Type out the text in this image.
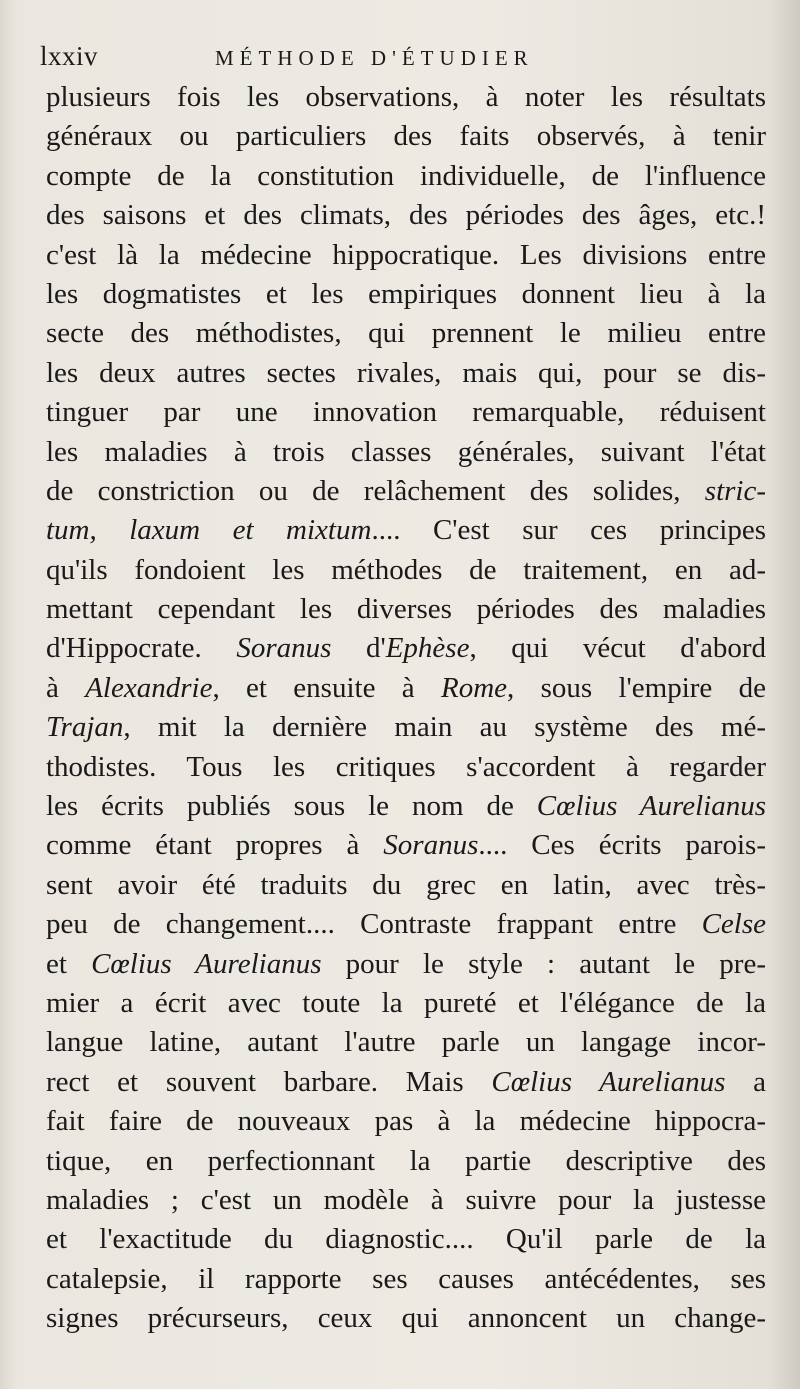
lxxiv	MÉTHODE D'ÉTUDIER
plusieurs fois les observations, à noter les résultats
généraux ou particuliers des faits observés, à tenir
compte de la constitution individuelle, de l'influence
des saisons et des climats, des périodes des âges, etc.!
c'est là la médecine hippocratique. Les divisions entre
les dogmatistes et les empiriques donnent lieu à la
secte des méthodistes, qui prennent le milieu entre
les deux autres sectes rivales, mais qui, pour se dis-
tinguer par une innovation remarquable, réduisent
les maladies à trois classes générales, suivant l'état
de constriction ou de relâchement des solides, stric-
tum, laxum et mixtum.... C'est sur ces principes
qu'ils fondoient les méthodes de traitement, en ad-
mettant cependant les diverses périodes des maladies
d'Hippocrate. Soranus d'Ephèse, qui vécut d'abord
à Alexandrie, et ensuite à Rome, sous l'empire de
Trajan, mit la dernière main au système des mé-
thodistes. Tous les critiques s'accordent à regarder
les écrits publiés sous le nom de Cœlius Aurelianus
comme étant propres à Soranus.... Ces écrits parois-
sent avoir été traduits du grec en latin, avec très-
peu de changement.... Contraste frappant entre Celse
et Cœlius Aurelianus pour le style : autant le pre-
mier a écrit avec toute la pureté et l'élégance de la
langue latine, autant l'autre parle un langage incor-
rect et souvent barbare. Mais Cœlius Aurelianus a
fait faire de nouveaux pas à la médecine hippocra-
tique, en perfectionnant la partie descriptive des
maladies ; c'est un modèle à suivre pour la justesse
et l'exactitude du diagnostic.... Qu'il parle de la
catalepsie, il rapporte ses causes antécédentes, ses
signes précurseurs, ceux qui annoncent un change-
